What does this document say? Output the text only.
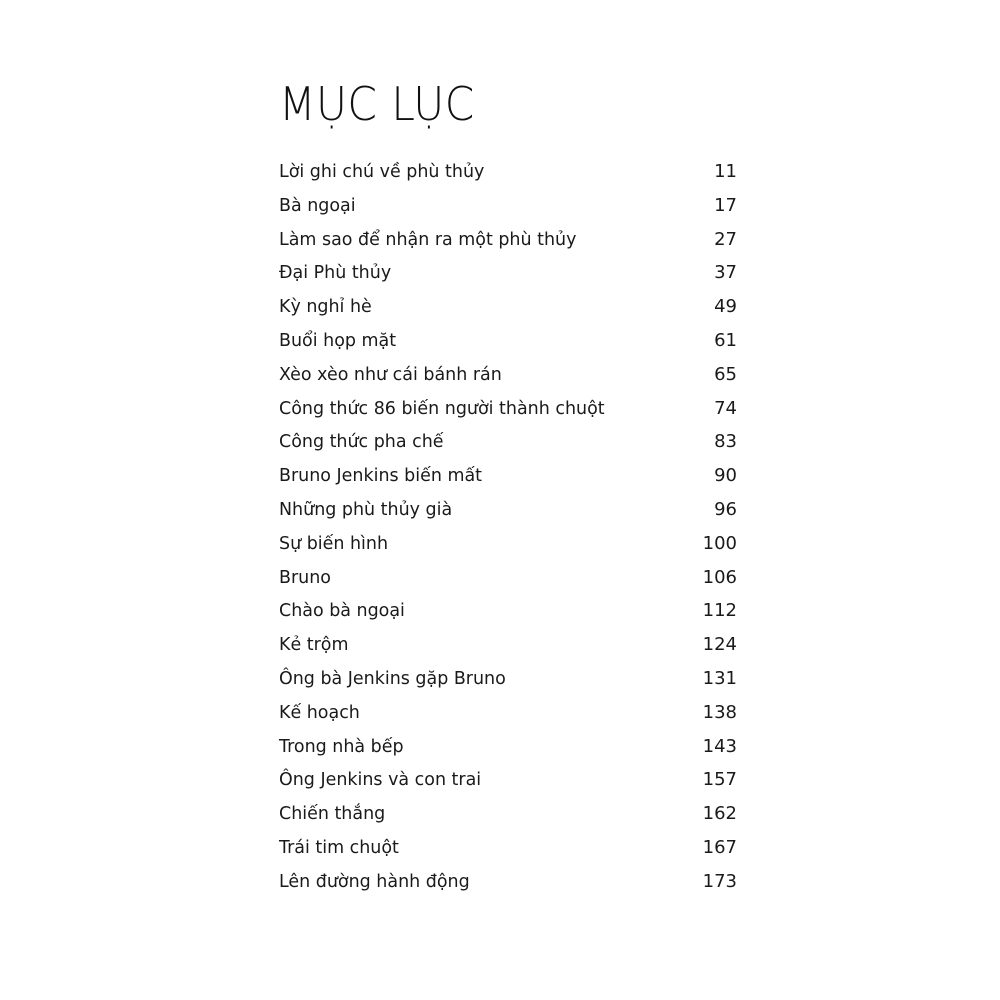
MỤC LỤC
Lời ghi chú về phù thủy	11
Bà ngoại	17
Làm sao để nhận ra một phù thủy	27
Đại Phù thủy	37
Kỳ nghỉ hè	49
Buổi họp mặt	61
Xèo xèo như cái bánh rán	65
Công thức 86 biến người thành chuột	74
Công thức pha chế	83
Bruno Jenkins biến mất	90
Những phù thủy già	96
Sự biến hình	100
Bruno	106
Chào bà ngoại	112
Kẻ trộm	124
Ông bà Jenkins gặp Bruno	131
Kế hoạch	138
Trong nhà bếp	143
Ông Jenkins và con trai	157
Chiến thắng	162
Trái tim chuột	167
Lên đường hành động	173
